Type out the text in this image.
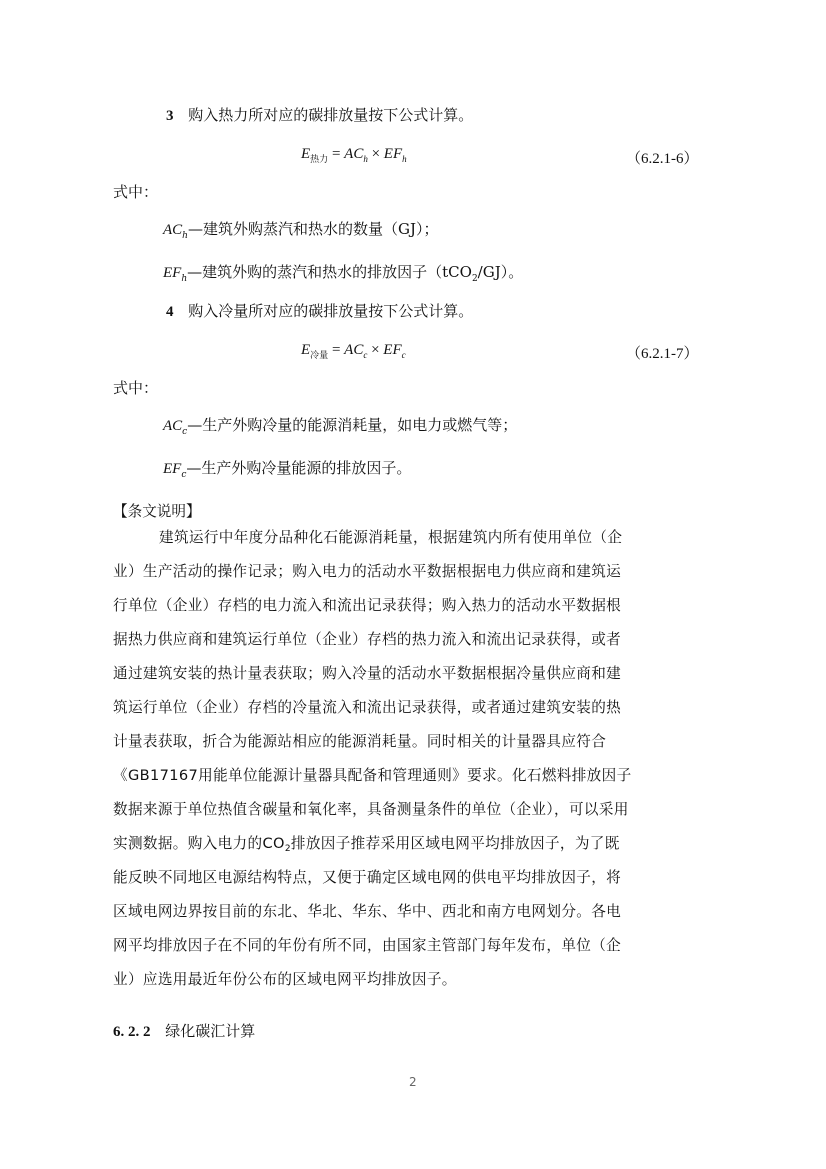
3 购入热力所对应的碳排放量按下公式计算。
$E_{热力} = AC_h \times EF_h$	（6.2.1-6）
式中：
$AC_h—$建筑外购蒸汽和热水的数量（GJ）；
$EF_h—$建筑外购的蒸汽和热水的排放因子（tCO$_2$/GJ）。
4 购入冷量所对应的碳排放量按下公式计算。
$E_{冷量} = AC_c \times EF_c$	（6.2.1-7）
式中：
$AC_c—$生产外购冷量的能源消耗量，如电力或燃气等；
$EF_c—$生产外购冷量能源的排放因子。
【条文说明】
建筑运行中年度分品种化石能源消耗量，根据建筑内所有使用单位（企
业）生产活动的操作记录；购入电力的活动水平数据根据电力供应商和建筑运
行单位（企业）存档的电力流入和流出记录获得；购入热力的活动水平数据根
据热力供应商和建筑运行单位（企业）存档的热力流入和流出记录获得，或者
通过建筑安装的热计量表获取；购入冷量的活动水平数据根据冷量供应商和建
筑运行单位（企业）存档的冷量流入和流出记录获得，或者通过建筑安装的热
计量表获取，折合为能源站相应的能源消耗量。同时相关的计量器具应符合
《GB17167用能单位能源计量器具配备和管理通则》要求。化石燃料排放因子
数据来源于单位热值含碳量和氧化率，具备测量条件的单位（企业），可以采用
实测数据。购入电力的$CO_2$排放因子推荐采用区域电网平均排放因子，为了既
能反映不同地区电源结构特点，又便于确定区域电网的供电平均排放因子，将
区域电网边界按目前的东北、华北、华东、华中、西北和南方电网划分。各电
网平均排放因子在不同的年份有所不同，由国家主管部门每年发布，单位（企
业）应选用最近年份公布的区域电网平均排放因子。
6. 2. 2 绿化碳汇计算
2
